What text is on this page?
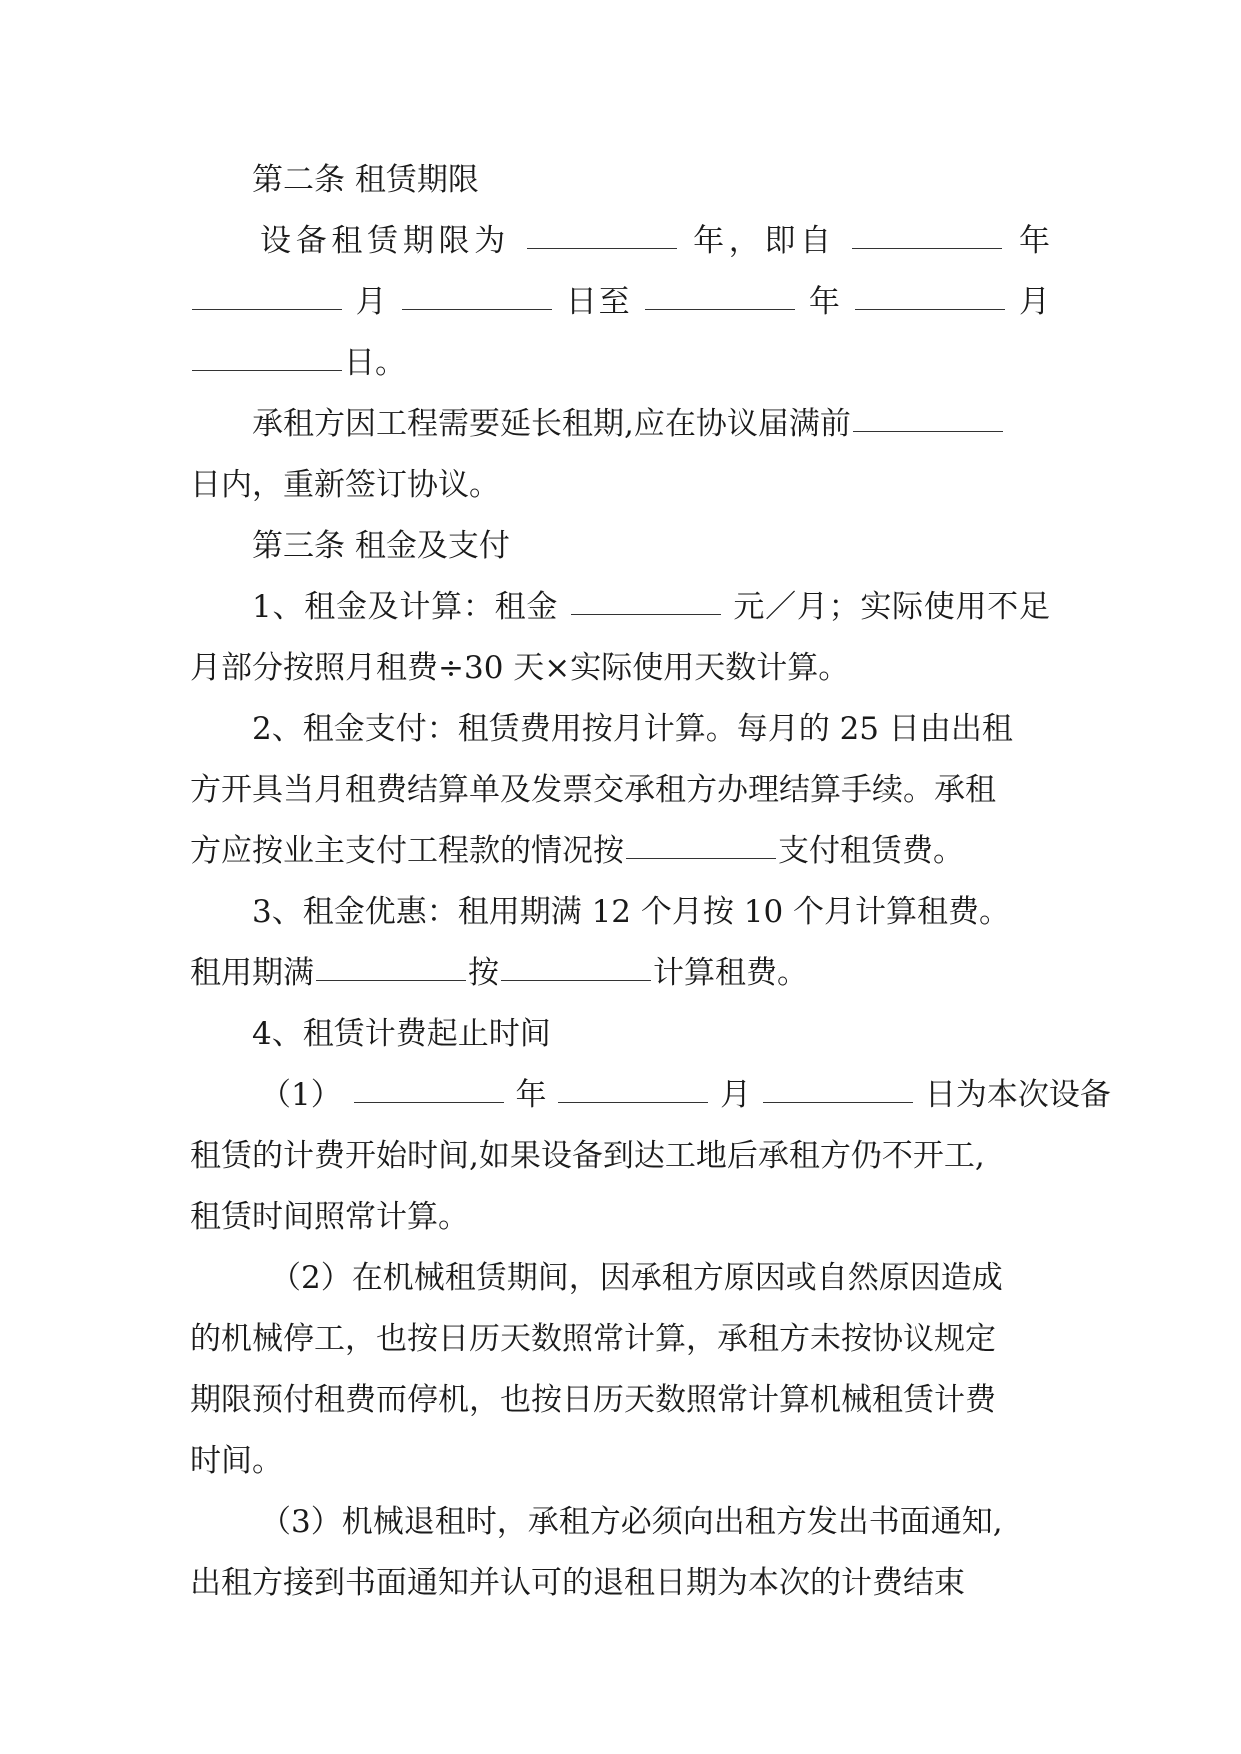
第二条 租赁期限
设备租赁期限为	年，即自	年
月	日至	年	月
日。
承租方因工程需要延长租期,应在协议届满前
日内，重新签订协议。
第三条 租金及支付
1、租金及计算：租金	元／月；实际使用不足
月部分按照月租费÷30 天×实际使用天数计算。
2、租金支付：租赁费用按月计算。每月的 25 日由出租
方开具当月租费结算单及发票交承租方办理结算手续。承租
方应按业主支付工程款的情况按	支付租赁费。
3、租金优惠：租用期满 12 个月按 10 个月计算租费。
租用期满	按	计算租费。
4、租赁计费起止时间
（1）	年	月	日为本次设备
租赁的计费开始时间,如果设备到达工地后承租方仍不开工,
租赁时间照常计算。
（2）在机械租赁期间，因承租方原因或自然原因造成
的机械停工，也按日历天数照常计算，承租方未按协议规定
期限预付租费而停机，也按日历天数照常计算机械租赁计费
时间。
（3）机械退租时，承租方必须向出租方发出书面通知,
出租方接到书面通知并认可的退租日期为本次的计费结束
